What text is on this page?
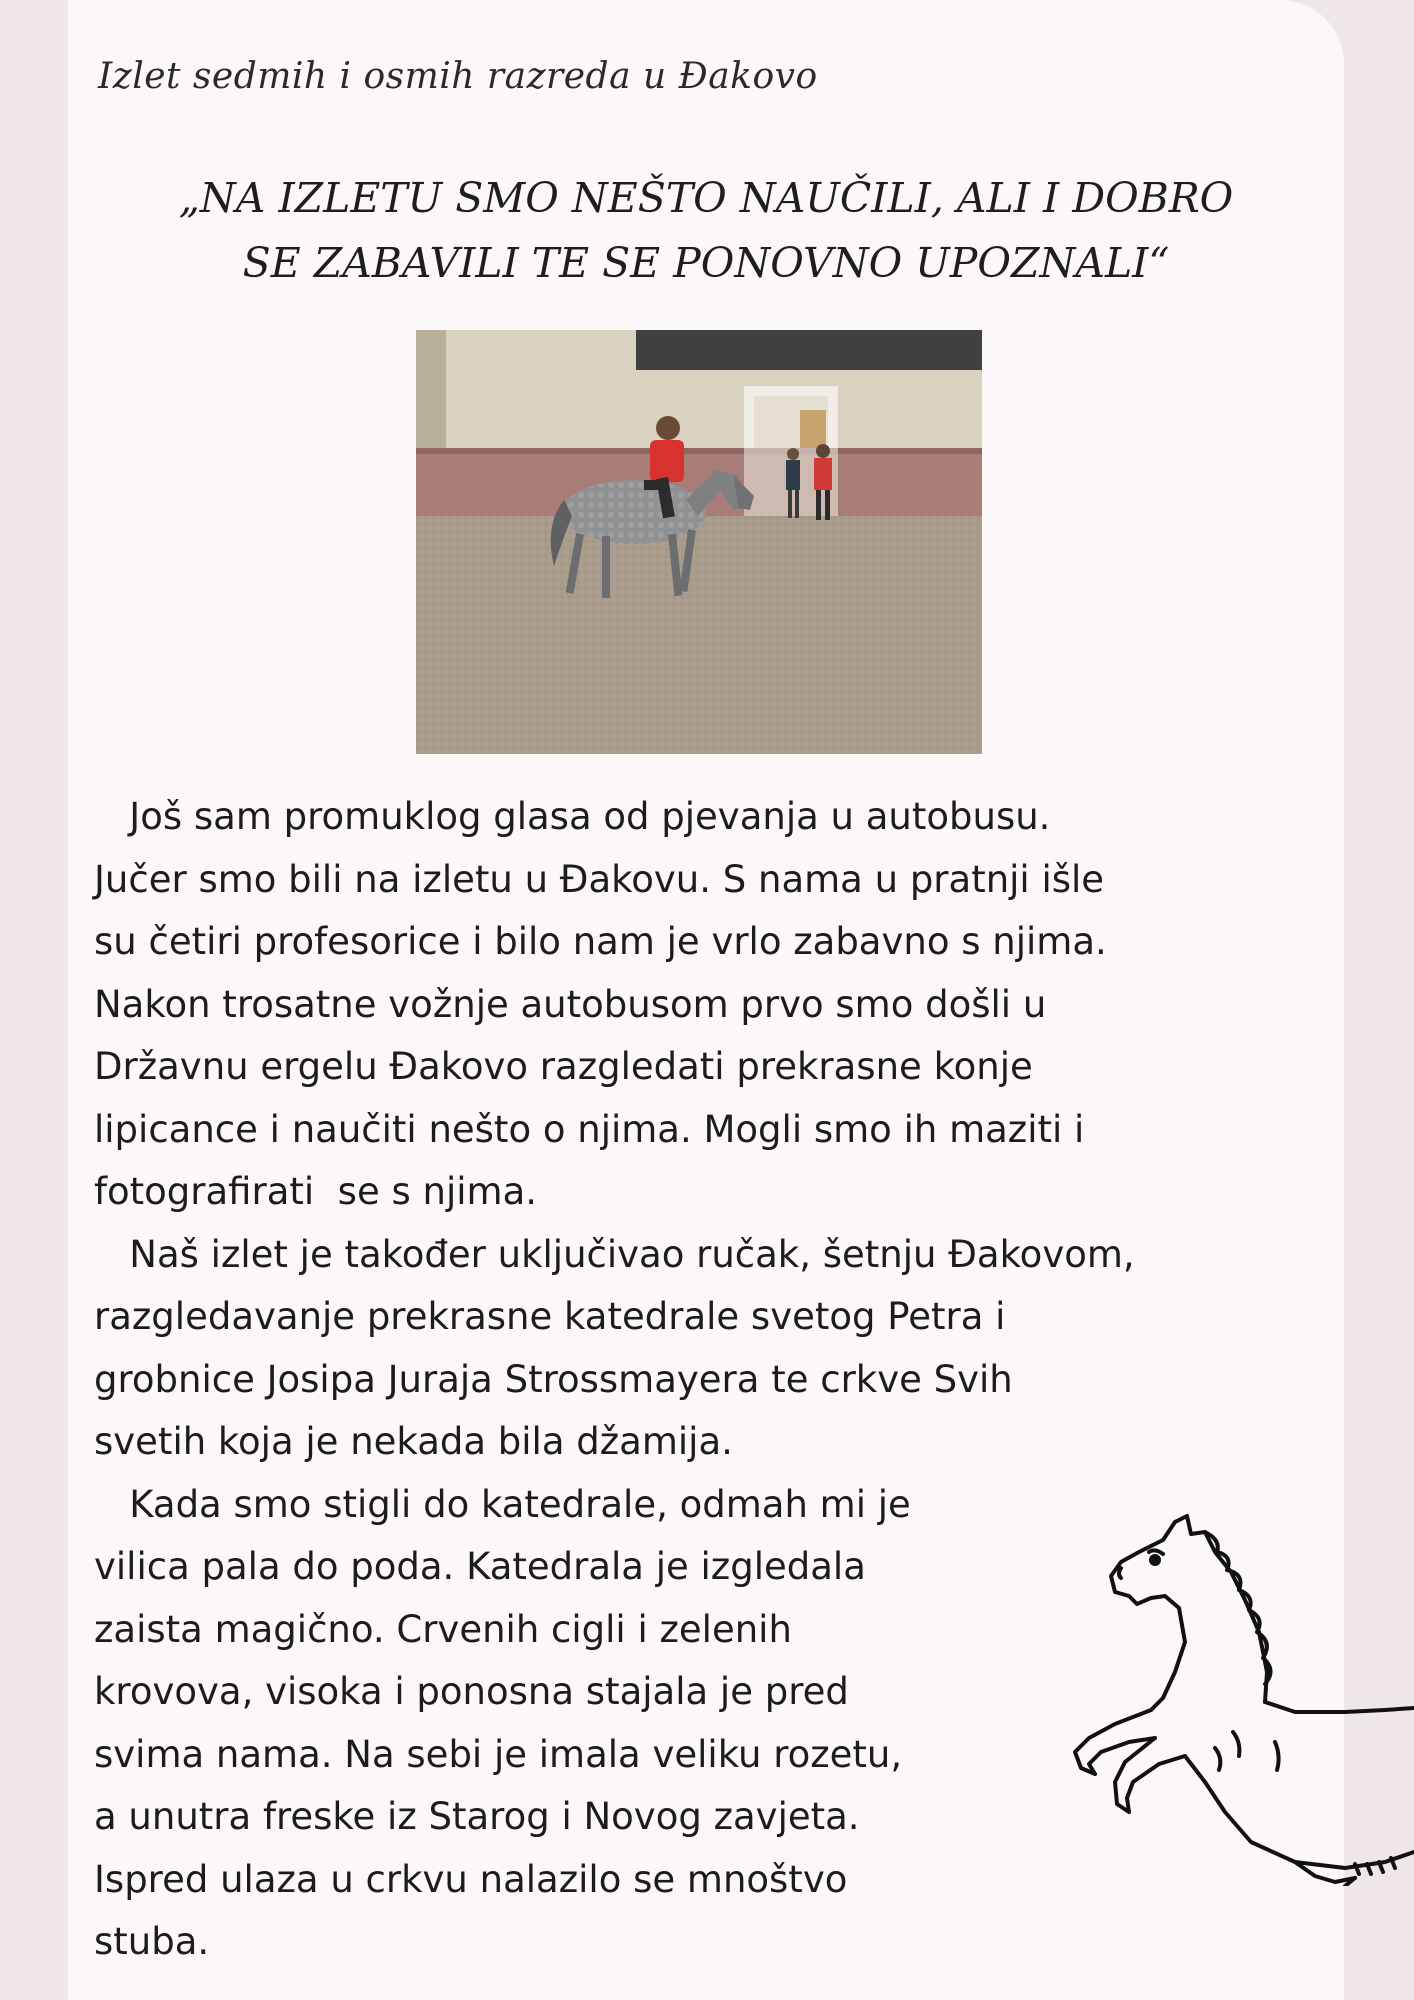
Izlet sedmih i osmih razreda u Đakovo
„NA IZLETU SMO NEŠTO NAUČILI, ALI I DOBRO
SE ZABAVILI TE SE PONOVNO UPOZNALI“
Još sam promuklog glasa od pjevanja u autobusu.
Jučer smo bili na izletu u Đakovu. S nama u pratnji išle
su četiri profesorice i bilo nam je vrlo zabavno s njima.
Nakon trosatne vožnje autobusom prvo smo došli u
Državnu ergelu Đakovo razgledati prekrasne konje
lipicance i naučiti nešto o njima. Mogli smo ih maziti i
fotografirati  se s njima.
Naš izlet je također uključivao ručak, šetnju Đakovom,
razgledavanje prekrasne katedrale svetog Petra i
grobnice Josipa Juraja Strossmayera te crkve Svih
svetih koja je nekada bila džamija.
Kada smo stigli do katedrale, odmah mi je
vilica pala do poda. Katedrala je izgledala
zaista magično. Crvenih cigli i zelenih
krovova, visoka i ponosna stajala je pred
svima nama. Na sebi je imala veliku rozetu,
a unutra freske iz Starog i Novog zavjeta.
Ispred ulaza u crkvu nalazilo se mnoštvo
stuba.
